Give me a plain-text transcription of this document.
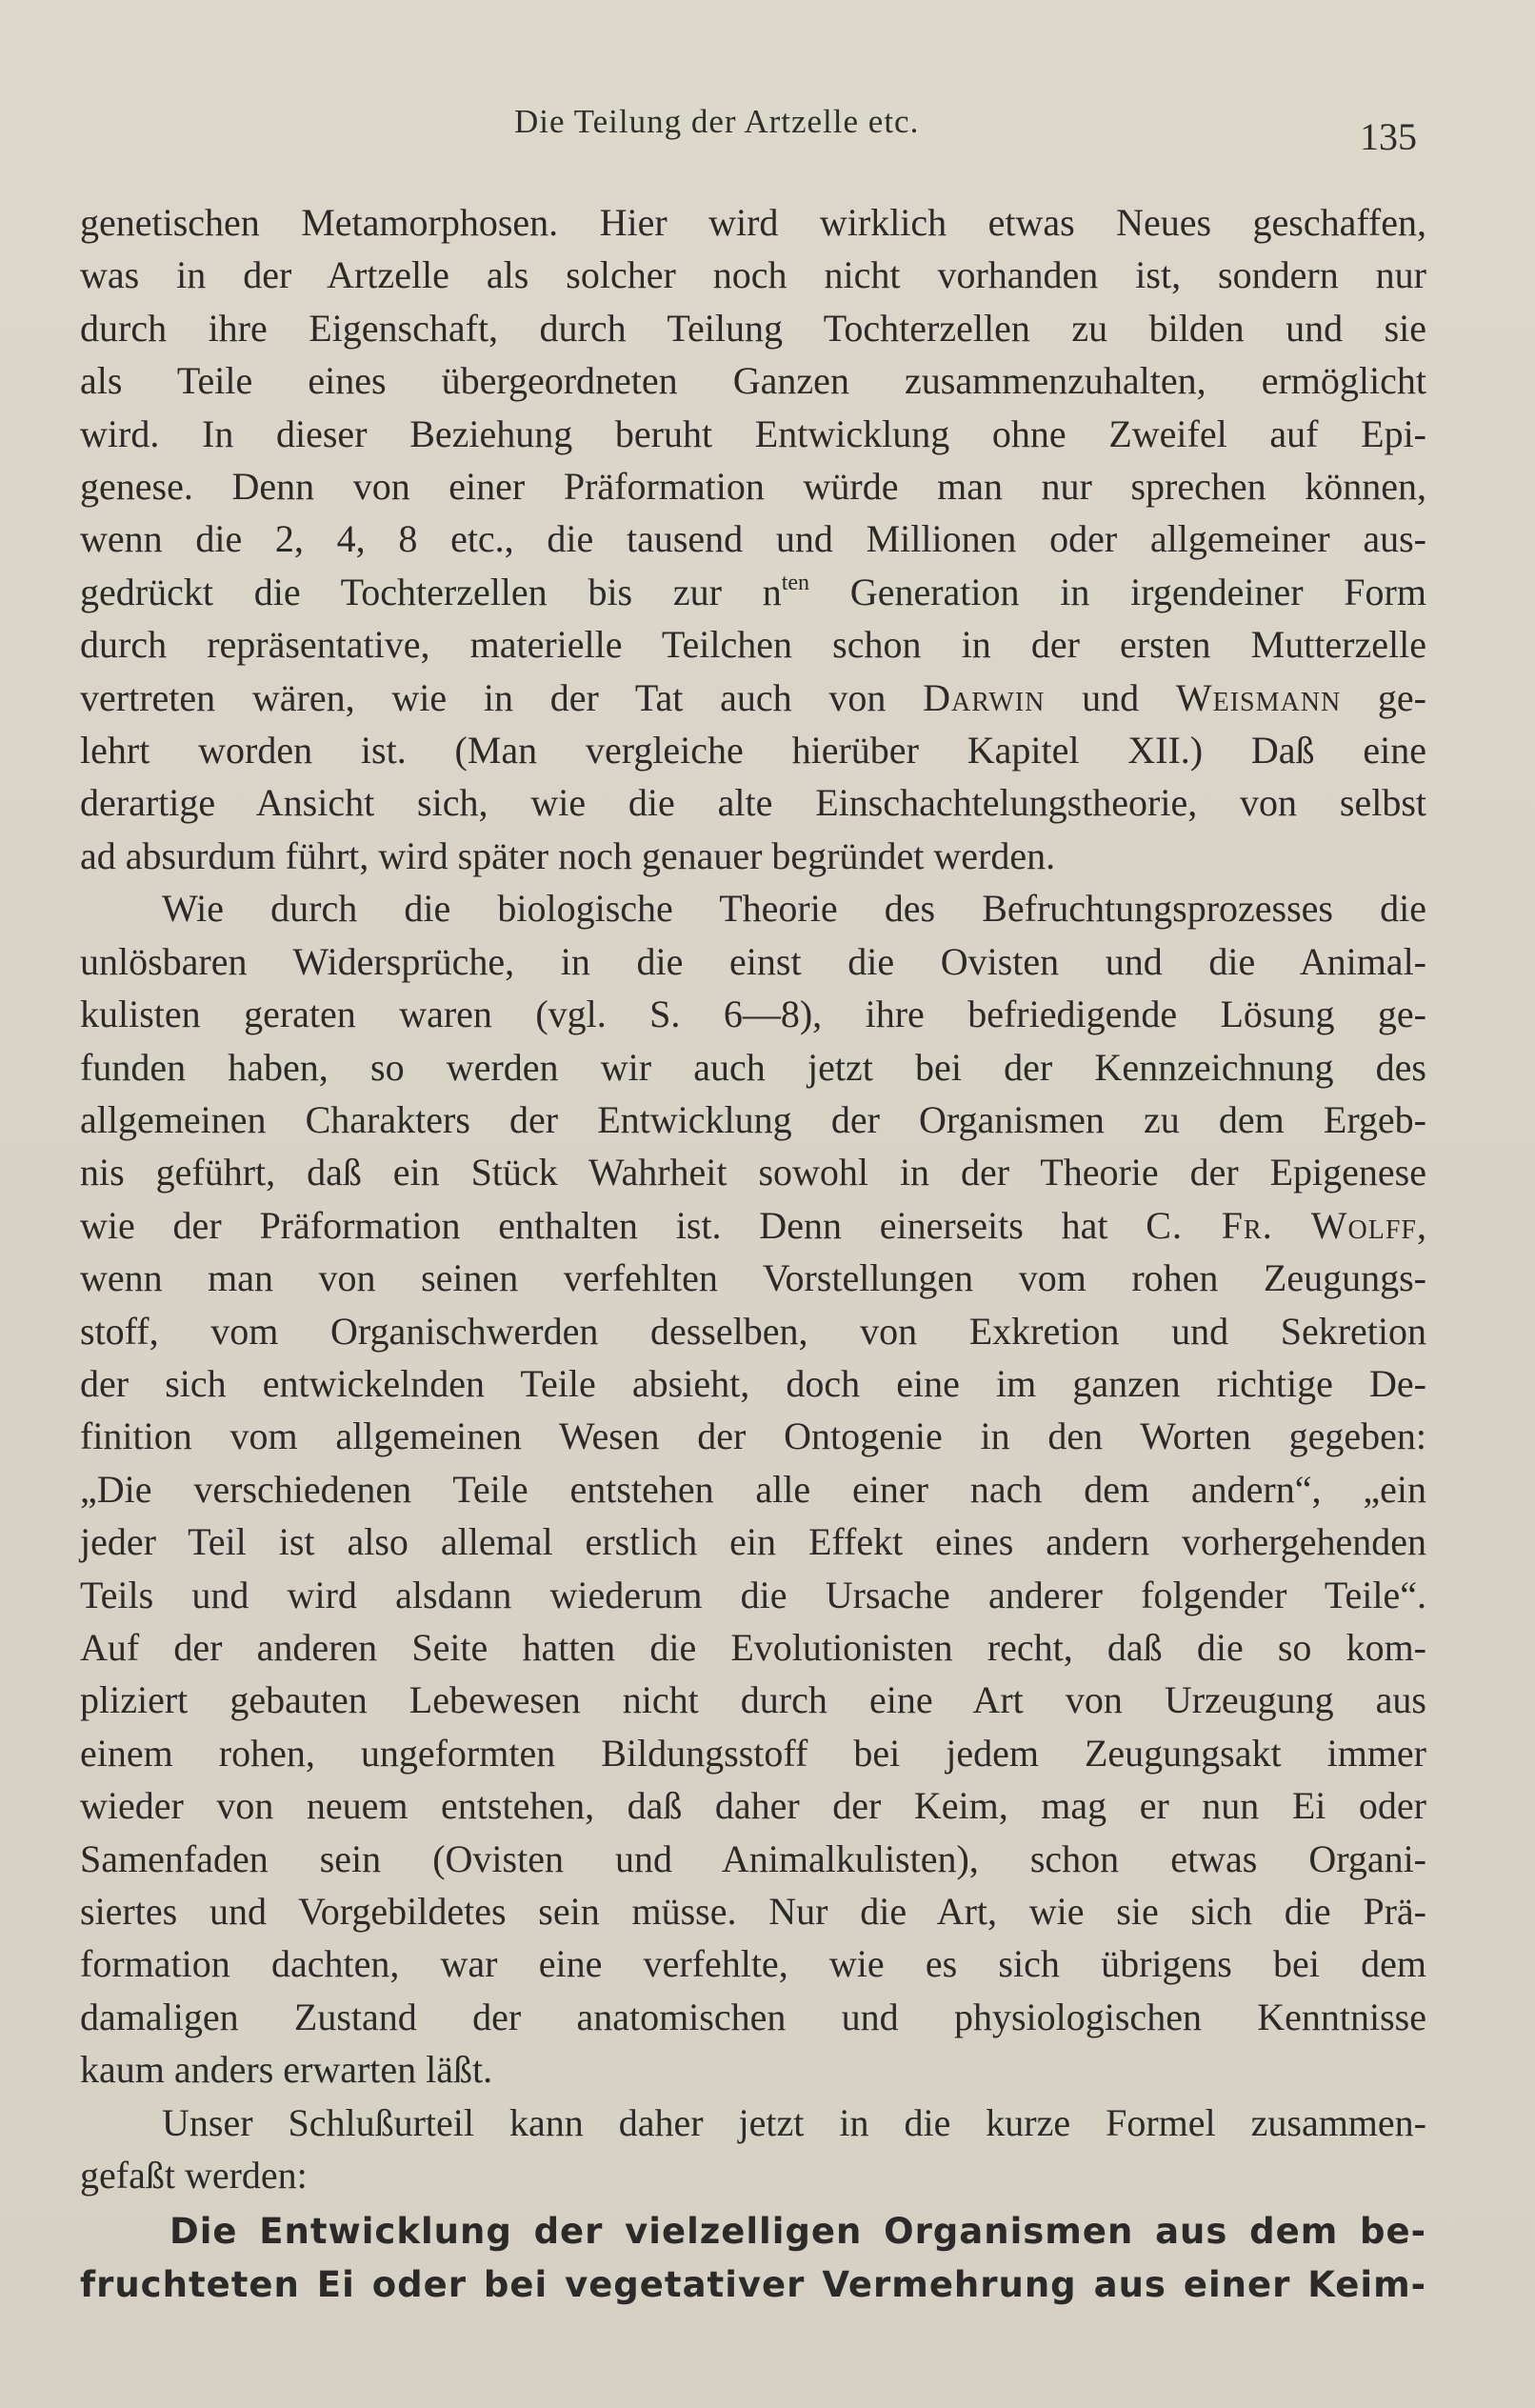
Die Teilung der Artzelle etc.	135

genetischen Metamorphosen. Hier wird wirklich etwas Neues geschaffen,
was in der Artzelle als solcher noch nicht vorhanden ist, sondern nur
durch ihre Eigenschaft, durch Teilung Tochterzellen zu bilden und sie
als Teile eines übergeordneten Ganzen zusammenzuhalten, ermöglicht
wird. In dieser Beziehung beruht Entwicklung ohne Zweifel auf Epi-
genese. Denn von einer Präformation würde man nur sprechen können,
wenn die 2, 4, 8 etc., die tausend und Millionen oder allgemeiner aus-
gedrückt die Tochterzellen bis zur $n^{ten}$ Generation in irgendeiner Form
durch repräsentative, materielle Teilchen schon in der ersten Mutterzelle
vertreten wären, wie in der Tat auch von Darwin und Weismann ge-
lehrt worden ist. (Man vergleiche hierüber Kapitel XII.) Daß eine
derartige Ansicht sich, wie die alte Einschachtelungstheorie, von selbst
ad absurdum führt, wird später noch genauer begründet werden.

Wie durch die biologische Theorie des Befruchtungsprozesses die
unlösbaren Widersprüche, in die einst die Ovisten und die Animal-
kulisten geraten waren (vgl. S. 6—8), ihre befriedigende Lösung ge-
funden haben, so werden wir auch jetzt bei der Kennzeichnung des
allgemeinen Charakters der Entwicklung der Organismen zu dem Ergeb-
nis geführt, daß ein Stück Wahrheit sowohl in der Theorie der Epigenese
wie der Präformation enthalten ist. Denn einerseits hat C. Fr. Wolff,
wenn man von seinen verfehlten Vorstellungen vom rohen Zeugungs-
stoff, vom Organischwerden desselben, von Exkretion und Sekretion
der sich entwickelnden Teile absieht, doch eine im ganzen richtige De-
finition vom allgemeinen Wesen der Ontogenie in den Worten gegeben:
„Die verschiedenen Teile entstehen alle einer nach dem andern“, „ein
jeder Teil ist also allemal erstlich ein Effekt eines andern vorhergehenden
Teils und wird alsdann wiederum die Ursache anderer folgender Teile“.
Auf der anderen Seite hatten die Evolutionisten recht, daß die so kom-
pliziert gebauten Lebewesen nicht durch eine Art von Urzeugung aus
einem rohen, ungeformten Bildungsstoff bei jedem Zeugungsakt immer
wieder von neuem entstehen, daß daher der Keim, mag er nun Ei oder
Samenfaden sein (Ovisten und Animalkulisten), schon etwas Organi-
siertes und Vorgebildetes sein müsse. Nur die Art, wie sie sich die Prä-
formation dachten, war eine verfehlte, wie es sich übrigens bei dem
damaligen Zustand der anatomischen und physiologischen Kenntnisse
kaum anders erwarten läßt.

Unser Schlußurteil kann daher jetzt in die kurze Formel zusammen-
gefaßt werden:

Die Entwicklung der vielzelligen Organismen aus dem be-
fruchteten Ei oder bei vegetativer Vermehrung aus einer Keim-
